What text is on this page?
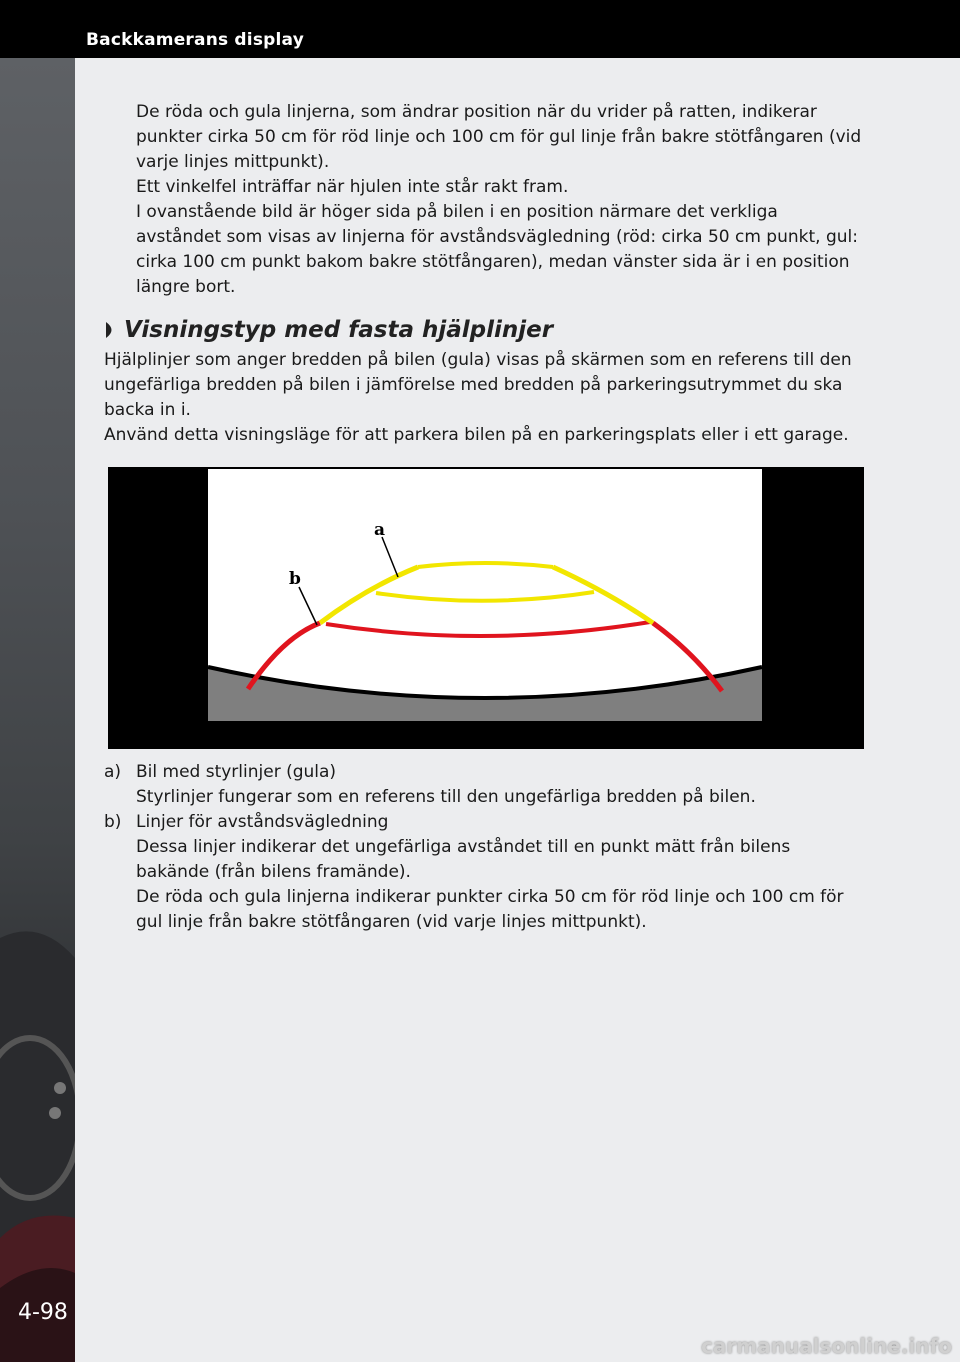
Backkamerans display
4-98

De röda och gula linjerna, som ändrar position när du vrider på ratten, indikerar punkter cirka 50 cm för röd linje och 100 cm för gul linje från bakre stötfångaren (vid varje linjes mittpunkt).

Ett vinkelfel inträffar när hjulen inte står rakt fram.

I ovanstående bild är höger sida på bilen i en position närmare det verkliga avståndet som visas av linjerna för avståndsvägledning (röd: cirka 50 cm punkt, gul: cirka 100 cm punkt bakom bakre stötfångaren), medan vänster sida är i en position längre bort.

Visningstyp med fasta hjälplinjer

Hjälplinjer som anger bredden på bilen (gula) visas på skärmen som en referens till den ungefärliga bredden på bilen i jämförelse med bredden på parkeringsutrymmet du ska backa in i.

Använd detta visningsläge för att parkera bilen på en parkeringsplats eller i ett garage.

a
b
a) Bil med styrlinjer (gula)
Styrlinjer fungerar som en referens till den ungefärliga bredden på bilen.
b) Linjer för avståndsvägledning
Dessa linjer indikerar det ungefärliga avståndet till en punkt mätt från bilens bakände (från bilens framände).
De röda och gula linjerna indikerar punkter cirka 50 cm för röd linje och 100 cm för gul linje från bakre stötfångaren (vid varje linjes mittpunkt).
carmanualsonline.info
